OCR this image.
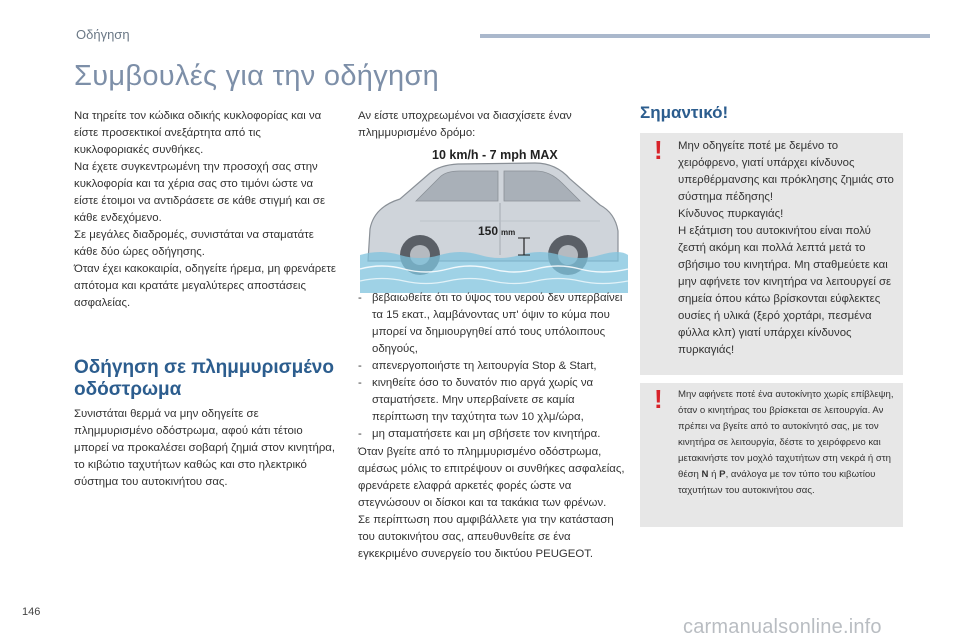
Οδήγηση
Συμβουλές για την οδήγηση

Να τηρείτε τον κώδικα οδικής κυκλοφορίας και να είστε προσεκτικοί ανεξάρτητα από τις κυκλοφοριακές συνθήκες.

Να έχετε συγκεντρωμένη την προσοχή σας στην κυκλοφορία και τα χέρια σας στο τιμόνι ώστε να είστε έτοιμοι να αντιδράσετε σε κάθε στιγμή και σε κάθε ενδεχόμενο.

Σε μεγάλες διαδρομές, συνιστάται να σταματάτε κάθε δύο ώρες οδήγησης.

Όταν έχει κακοκαιρία, οδηγείτε ήρεμα, μη φρενάρετε απότομα και κρατάτε μεγαλύτερες αποστάσεις ασφαλείας.

Οδήγηση σε πλημμυρισμένο οδόστρωμα
Συνιστάται θερμά να μην οδηγείτε σε πλημμυρισμένο οδόστρωμα, αφού κάτι τέτοιο μπορεί να προκαλέσει σοβαρή ζημιά στον κινητήρα, το κιβώτιο ταχυτήτων καθώς και στο ηλεκτρικό σύστημα του αυτοκινήτου σας.
Αν είστε υποχρεωμένοι να διασχίσετε έναν πλημμυρισμένο δρόμο:
150 mm
10 km/h - 7 mph MAX
- βεβαιωθείτε ότι το ύψος του νερού δεν υπερβαίνει τα 15 εκατ., λαμβάνοντας υπ' όψιν το κύμα που μπορεί να δημιουργηθεί από τους υπόλοιπους οδηγούς,
- απενεργοποιήστε τη λειτουργία Stop & Start,
- κινηθείτε όσο το δυνατόν πιο αργά χωρίς να σταματήσετε. Μην υπερβαίνετε σε καμία περίπτωση την ταχύτητα των 10 χλμ/ώρα,
- μη σταματήσετε και μη σβήσετε τον κινητήρα.

Όταν βγείτε από το πλημμυρισμένο οδόστρωμα, αμέσως μόλις το επιτρέψουν οι συνθήκες ασφαλείας, φρενάρετε ελαφρά αρκετές φορές ώστε να στεγνώσουν οι δίσκοι και τα τακάκια των φρένων.

Σε περίπτωση που αμφιβάλλετε για την κατάσταση του αυτοκινήτου σας, απευθυνθείτε σε ένα εγκεκριμένο συνεργείο του δικτύου PEUGEOT.

Σημαντικό!
! Μην οδηγείτε ποτέ με δεμένο το χειρόφρενο, γιατί υπάρχει κίνδυνος υπερθέρμανσης και πρόκλησης ζημιάς στο σύστημα πέδησης!

Κίνδυνος πυρκαγιάς!

Η εξάτμιση του αυτοκινήτου είναι πολύ ζεστή ακόμη και πολλά λεπτά μετά το σβήσιμο του κινητήρα. Μη σταθμεύετε και μην αφήνετε τον κινητήρα να λειτουργεί σε σημεία όπου κάτω βρίσκονται εύφλεκτες ουσίες ή υλικά (ξερό χορτάρι, πεσμένα φύλλα κλπ) γιατί υπάρχει κίνδυνος πυρκαγιάς!

! Μην αφήνετε ποτέ ένα αυτοκίνητο χωρίς επίβλεψη, όταν ο κινητήρας του βρίσκεται σε λειτουργία. Αν πρέπει να βγείτε από το αυτοκίνητό σας, με τον κινητήρα σε λειτουργία, δέστε το χειρόφρενο και μετακινήστε τον μοχλό ταχυτήτων στη νεκρά ή στη θέση N ή P, ανάλογα με τον τύπο του κιβωτίου ταχυτήτων του αυτοκινήτου σας.
146
carmanualsonline.info
